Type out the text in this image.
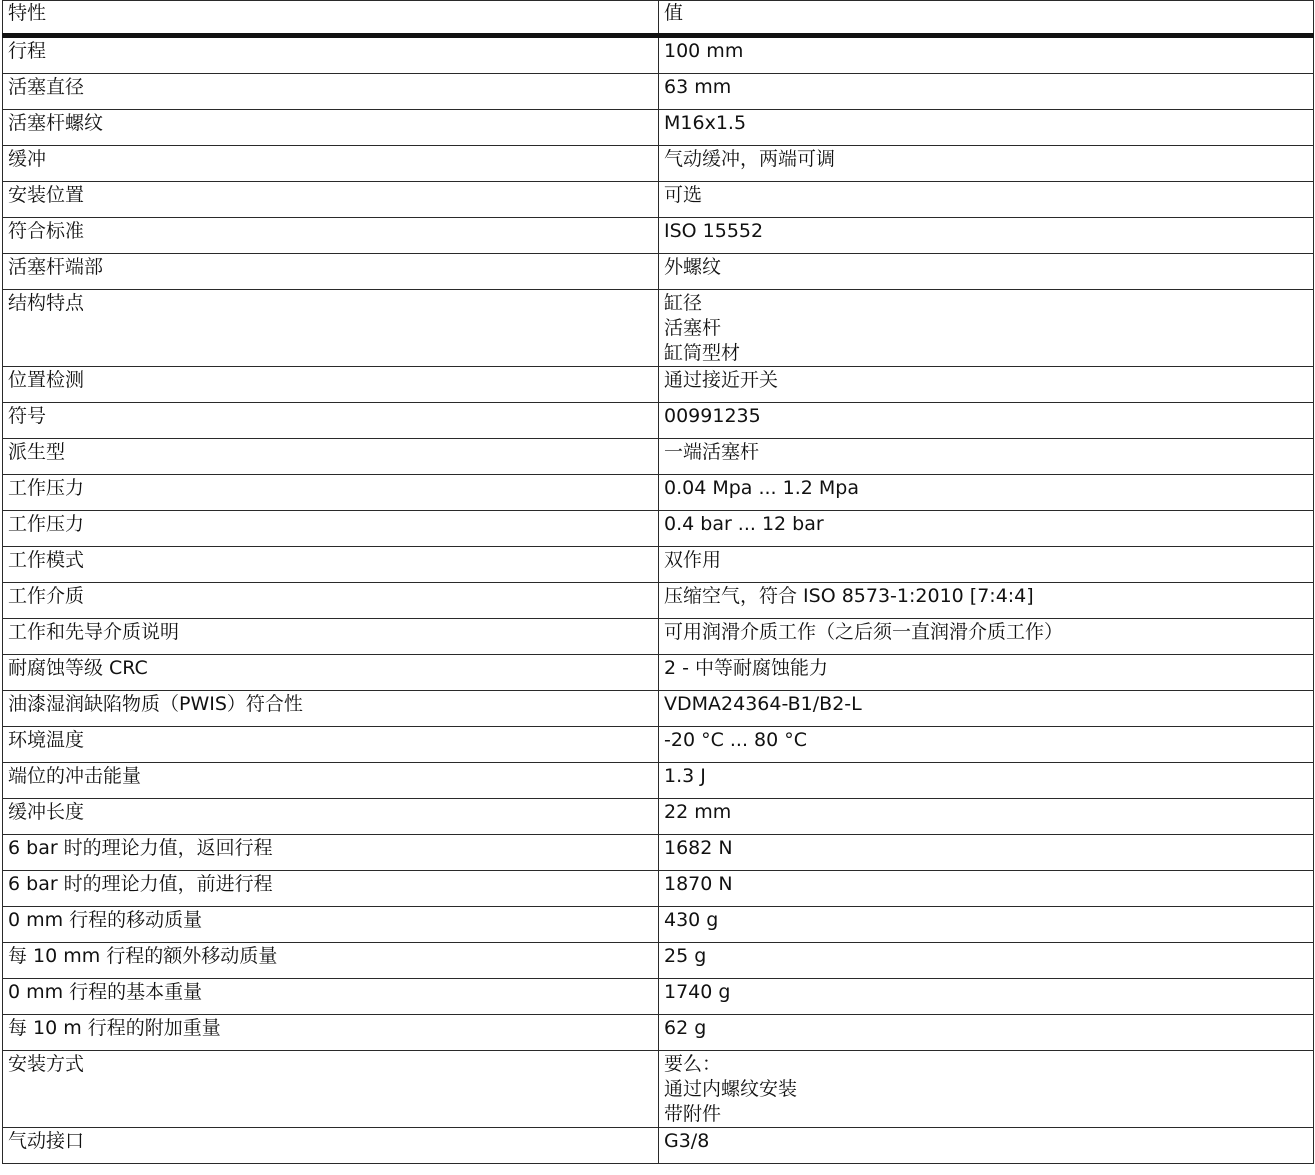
特性	值
行程	100 mm

活塞直径	63 mm

活塞杆螺纹	M16x1.5

缓冲	气动缓冲，两端可调

安装位置	可选

符合标准	ISO 15552

活塞杆端部	外螺纹

结构特点	缸径
活塞杆
缸筒型材

位置检测	通过接近开关

符号	00991235

派生型	一端活塞杆

工作压力	0.04 Mpa ... 1.2 Mpa

工作压力	0.4 bar ... 12 bar

工作模式	双作用

工作介质	压缩空气，符合 ISO 8573-1:2010 [7:4:4]

工作和先导介质说明	可用润滑介质工作（之后须一直润滑介质工作）

耐腐蚀等级 CRC	2 - 中等耐腐蚀能力

油漆湿润缺陷物质（PWIS）符合性	VDMA24364-B1/B2-L

环境温度	-20 °C ... 80 °C

端位的冲击能量	1.3 J

缓冲长度	22 mm

6 bar 时的理论力值，返回行程	1682 N

6 bar 时的理论力值，前进行程	1870 N

0 mm 行程的移动质量	430 g

每 10 mm 行程的额外移动质量	25 g

0 mm 行程的基本重量	1740 g

每 10 m 行程的附加重量	62 g

安装方式	要么：
通过内螺纹安装
带附件

气动接口	G3/8
